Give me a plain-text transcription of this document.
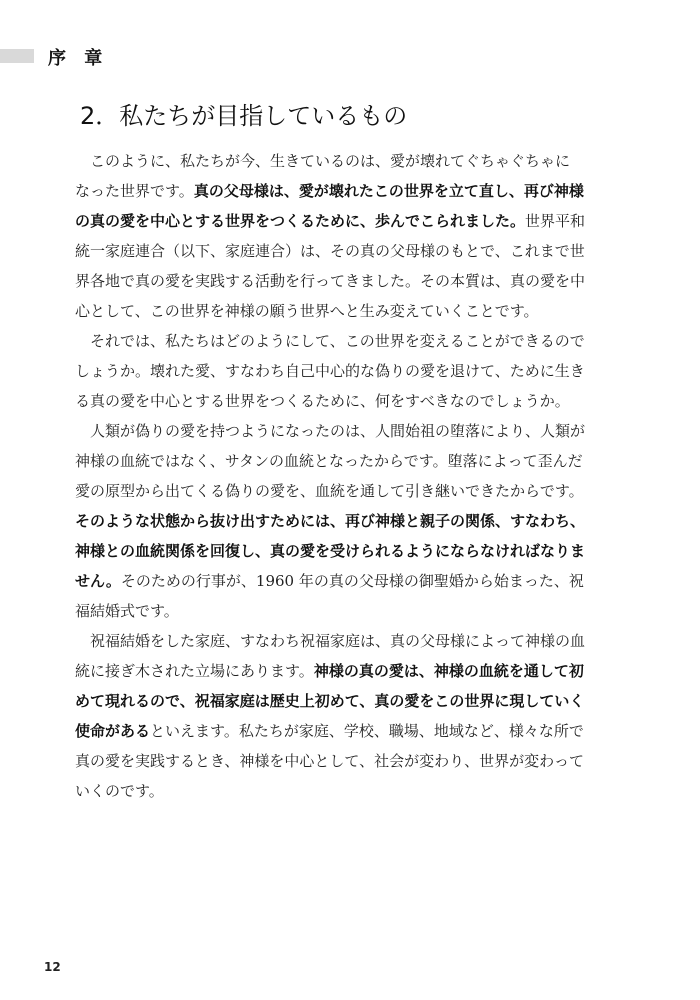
序 章
2．私たちが目指しているもの
　このように、私たちが今、生きているのは、愛が壊れてぐちゃぐちゃに
なった世界です。真の父母様は、愛が壊れたこの世界を立て直し、再び神様
の真の愛を中心とする世界をつくるために、歩んでこられました。世界平和
統一家庭連合（以下、家庭連合）は、その真の父母様のもとで、これまで世
界各地で真の愛を実践する活動を行ってきました。その本質は、真の愛を中
心として、この世界を神様の願う世界へと生み変えていくことです。
　それでは、私たちはどのようにして、この世界を変えることができるので
しょうか。壊れた愛、すなわち自己中心的な偽りの愛を退けて、ために生き
る真の愛を中心とする世界をつくるために、何をすべきなのでしょうか。
　人類が偽りの愛を持つようになったのは、人間始祖の堕落により、人類が
神様の血統ではなく、サタンの血統となったからです。堕落によって
歪んだ
愛の原型から出てくる偽りの愛を、血統を通して引き継いできたからです。
そのような状態から抜け出すためには、再び神様と親子の関係、すなわち、
神様との血統関係を回復し、真の愛を受けられるようにならなければなりま
せん。そのための行事が、1960 年の真の父母様の御聖婚から始まった、祝
福結婚式です。
　祝福結婚をした家庭、すなわち祝福家庭は、真の父母様によって神様の血
統に接ぎ木された立場にあります。神様の真の愛は、神様の血統を通して初
めて現れるので、祝福家庭は歴史上初めて、真の愛をこの世界に現していく
使命があるといえます。私たちが家庭、学校、職場、地域など、様々な所で
真の愛を実践するとき、神様を中心として、社会が変わり、世界が変わって
いくのです。
12
